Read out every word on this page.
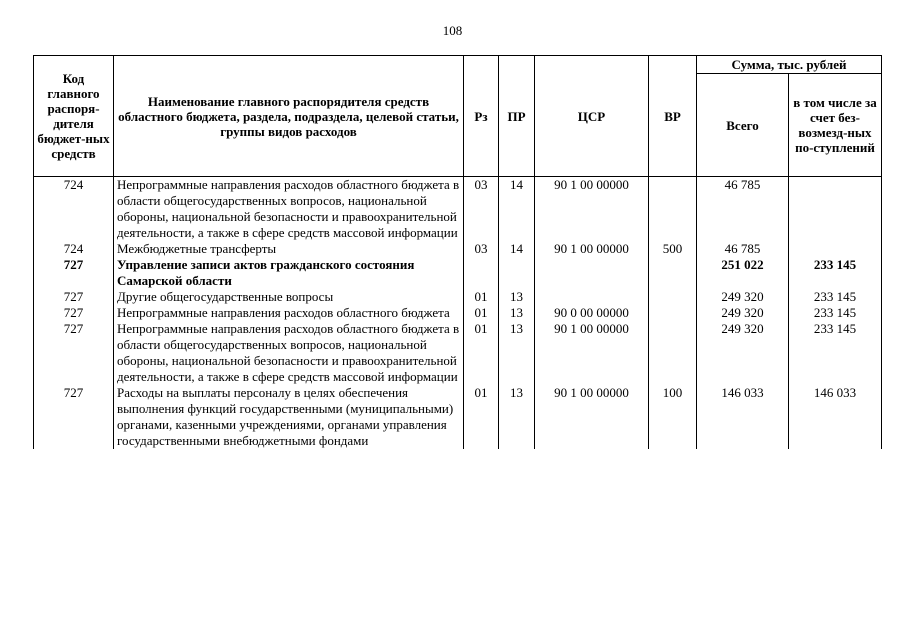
108
Код главного распоря-дителя бюджет-ных средств	Наименование главного распорядителя средств областного бюджета, раздела, подраздела, целевой статьи, группы видов расходов	Рз	ПР	ЦСР	ВР	Сумма, тыс. рублей	
						Всего	в том числе за счет без-возмезд-ных по-ступлений
724	Непрограммные направления расходов областного бюджета в области общегосударственных вопросов, национальной обороны, национальной безопасности и правоохранительной деятельности, а также в сфере средств массовой информации	03	14	90 1 00 00000		46 785	
724	Межбюджетные трансферты	03	14	90 1 00 00000	500	46 785	
727	Управление записи актов гражданского состояния Самарской области					251 022	233 145
727	Другие общегосударственные вопросы	01	13			249 320	233 145
727	Непрограммные направления расходов областного бюджета	01	13	90 0 00 00000		249 320	233 145
727	Непрограммные направления расходов областного бюджета в области общегосударственных вопросов, национальной обороны, национальной безопасности и правоохранительной деятельности, а также в сфере средств массовой информации	01	13	90 1 00 00000		249 320	233 145
727	Расходы на выплаты персоналу в целях обеспечения выполнения функций государственными (муниципальными) органами, казенными учреждениями, органами управления государственными внебюджетными фондами	01	13	90 1 00 00000	100	146 033	146 033
